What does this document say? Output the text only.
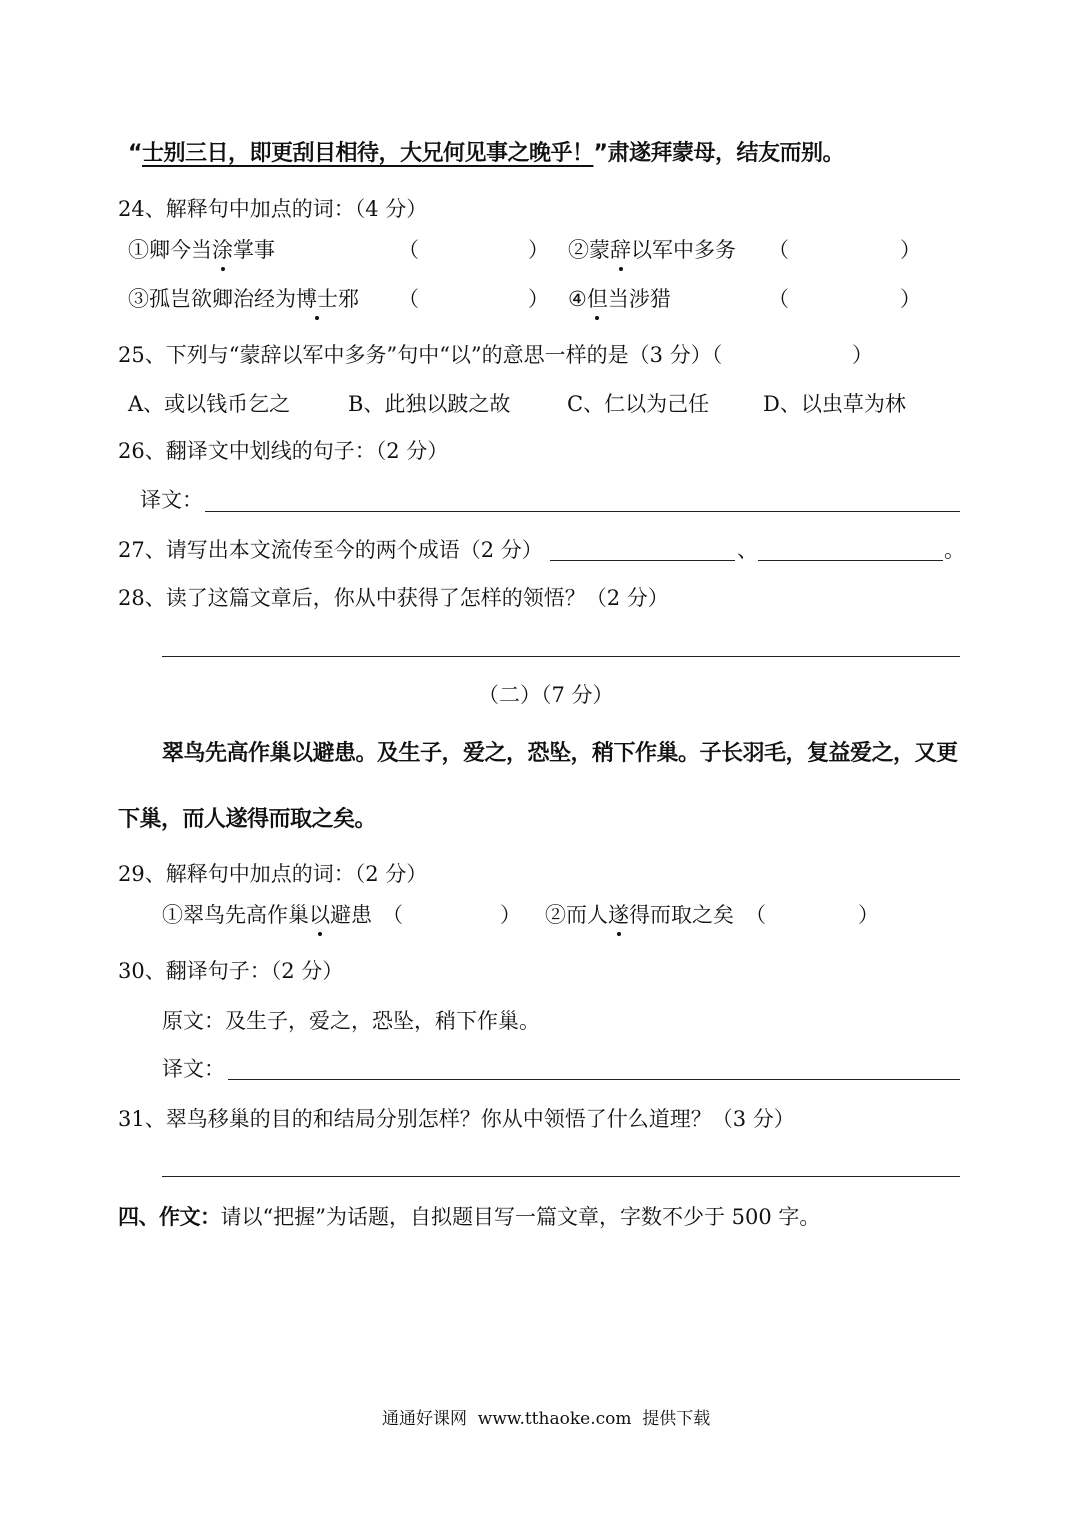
“士别三日，即更刮目相待，大兄何见事之晚乎！”肃遂拜蒙母，结友而别。
24、解释句中加点的词：（4 分）
①卿今当涂掌事	（	） ②蒙辞以军中多务 （	）
③孤岂欲卿治经为博士邪 （	） ④但当涉猎	（	）
25、下列与“蒙辞以军中多务”句中“以”的意思一样的是（3 分）（	）
A、或以钱币乞之	B、此独以跛之故	C、仁以为己任	D、以虫草为林
26、翻译文中划线的句子：（2 分）
译文：
27、请写出本文流传至今的两个成语（2 分）	、	。
28、读了这篇文章后，你从中获得了怎样的领悟？（2 分）
（二）（7 分）
翠鸟先高作巢以避患。及生子，爱之，恐坠，稍下作巢。子长羽毛，复益爱之，又更
下巢，而人遂得而取之矣。
29、解释句中加点的词：（2 分）
①翠鸟先高作巢以避患 （	） ②而人遂得而取之矣 （	）
30、翻译句子：（2 分）
原文：及生子，爱之，恐坠，稍下作巢。
译文：
31、翠鸟移巢的目的和结局分别怎样？你从中领悟了什么道理？（3 分）
四、作文：请以“把握”为话题，自拟题目写一篇文章，字数不少于 500 字。
通通好课网  www.tthaoke.com  提供下载
